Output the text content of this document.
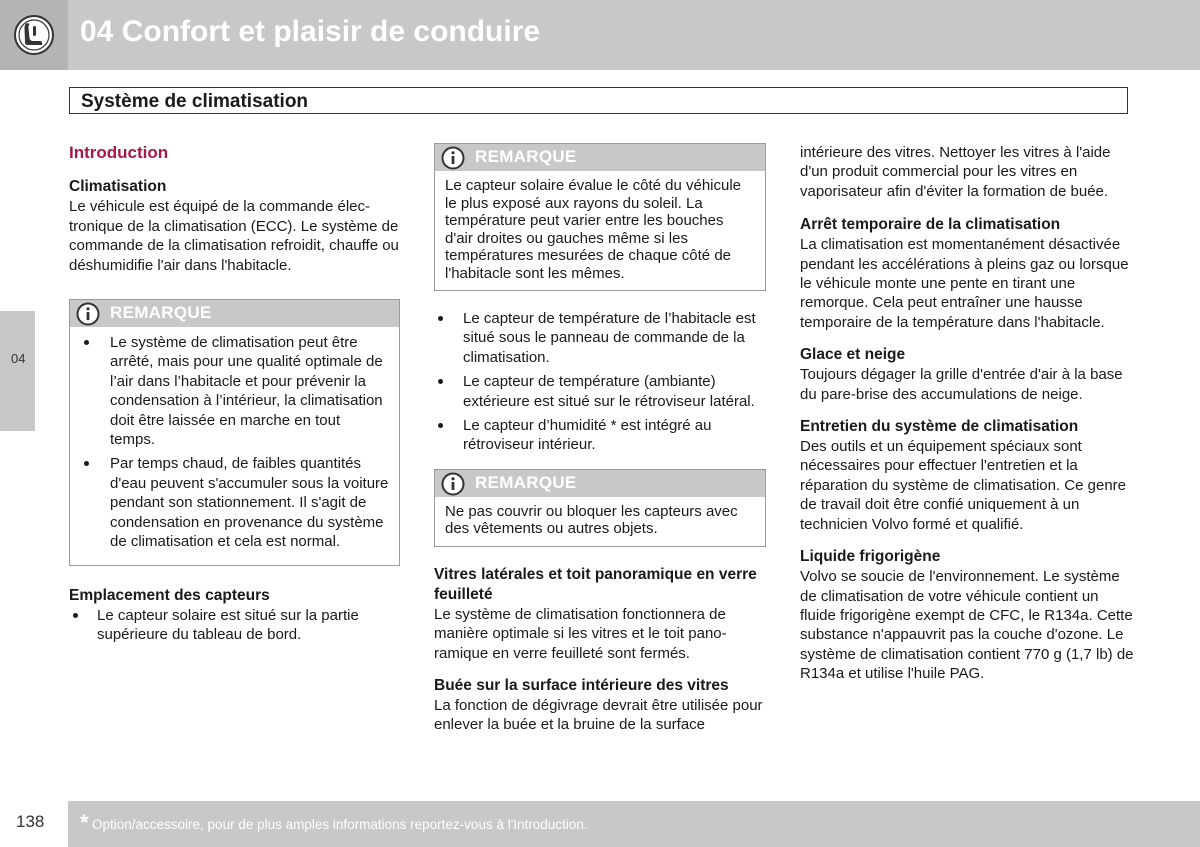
04 Confort et plaisir de conduire
Système de climatisation
04
Introduction
Climatisation

Le véhicule est équipé de la commande électronique de la climatisation (ECC). Le système de commande de la climatisation refroidit, chauffe ou déshumidifie l'air dans l'habitacle.

REMARQUE
Le système de climatisation peut être arrêté, mais pour une qualité optimale de l’air dans l’habitacle et pour prévenir la condensation à l’intérieur, la climatisation doit être laissée en marche en tout temps.
Par temps chaud, de faibles quantités d'eau peuvent s'accumuler sous la voiture pendant son stationnement. Il s'agit de condensation en provenance du système de climatisation et cela est normal.
Emplacement des capteurs
Le capteur solaire est situé sur la partie supérieure du tableau de bord.
REMARQUE

Le capteur solaire évalue le côté du véhicule le plus exposé aux rayons du soleil. La température peut varier entre les bouches d'air droites ou gauches même si les températures mesurées de chaque côté de l'habitacle sont les mêmes.

Le capteur de température de l’habitacle est situé sous le panneau de commande de la climatisation.
Le capteur de température (ambiante) extérieure est situé sur le rétroviseur latéral.
Le capteur d’humidité * est intégré au rétroviseur intérieur.
REMARQUE

Ne pas couvrir ou bloquer les capteurs avec des vêtements ou autres objets.

Vitres latérales et toit panoramique en verre feuilleté

Le système de climatisation fonctionnera de manière optimale si les vitres et le toit panoramique en verre feuilleté sont fermés.

Buée sur la surface intérieure des vitres

La fonction de dégivrage devrait être utilisée pour enlever la buée et la bruine de la surface

intérieure des vitres. Nettoyer les vitres à l'aide d'un produit commercial pour les vitres en vaporisateur afin d'éviter la formation de buée.

Arrêt temporaire de la climatisation

La climatisation est momentanément désactivée pendant les accélérations à pleins gaz ou lorsque le véhicule monte une pente en tirant une remorque. Cela peut entraîner une hausse temporaire de la température dans l'habitacle.

Glace et neige

Toujours dégager la grille d'entrée d'air à la base du pare-brise des accumulations de neige.

Entretien du système de climatisation

Des outils et un équipement spéciaux sont nécessaires pour effectuer l'entretien et la réparation du système de climatisation. Ce genre de travail doit être confié uniquement à un technicien Volvo formé et qualifié.

Liquide frigorigène

Volvo se soucie de l'environnement. Le système de climatisation de votre véhicule contient un fluide frigorigène exempt de CFC, le R134a. Cette substance n'appauvrit pas la couche d'ozone. Le système de climatisation contient 770 g (1,7 lb) de R134a et utilise l'huile PAG.

138 * Option/accessoire, pour de plus amples informations reportez-vous à l'Introduction.
